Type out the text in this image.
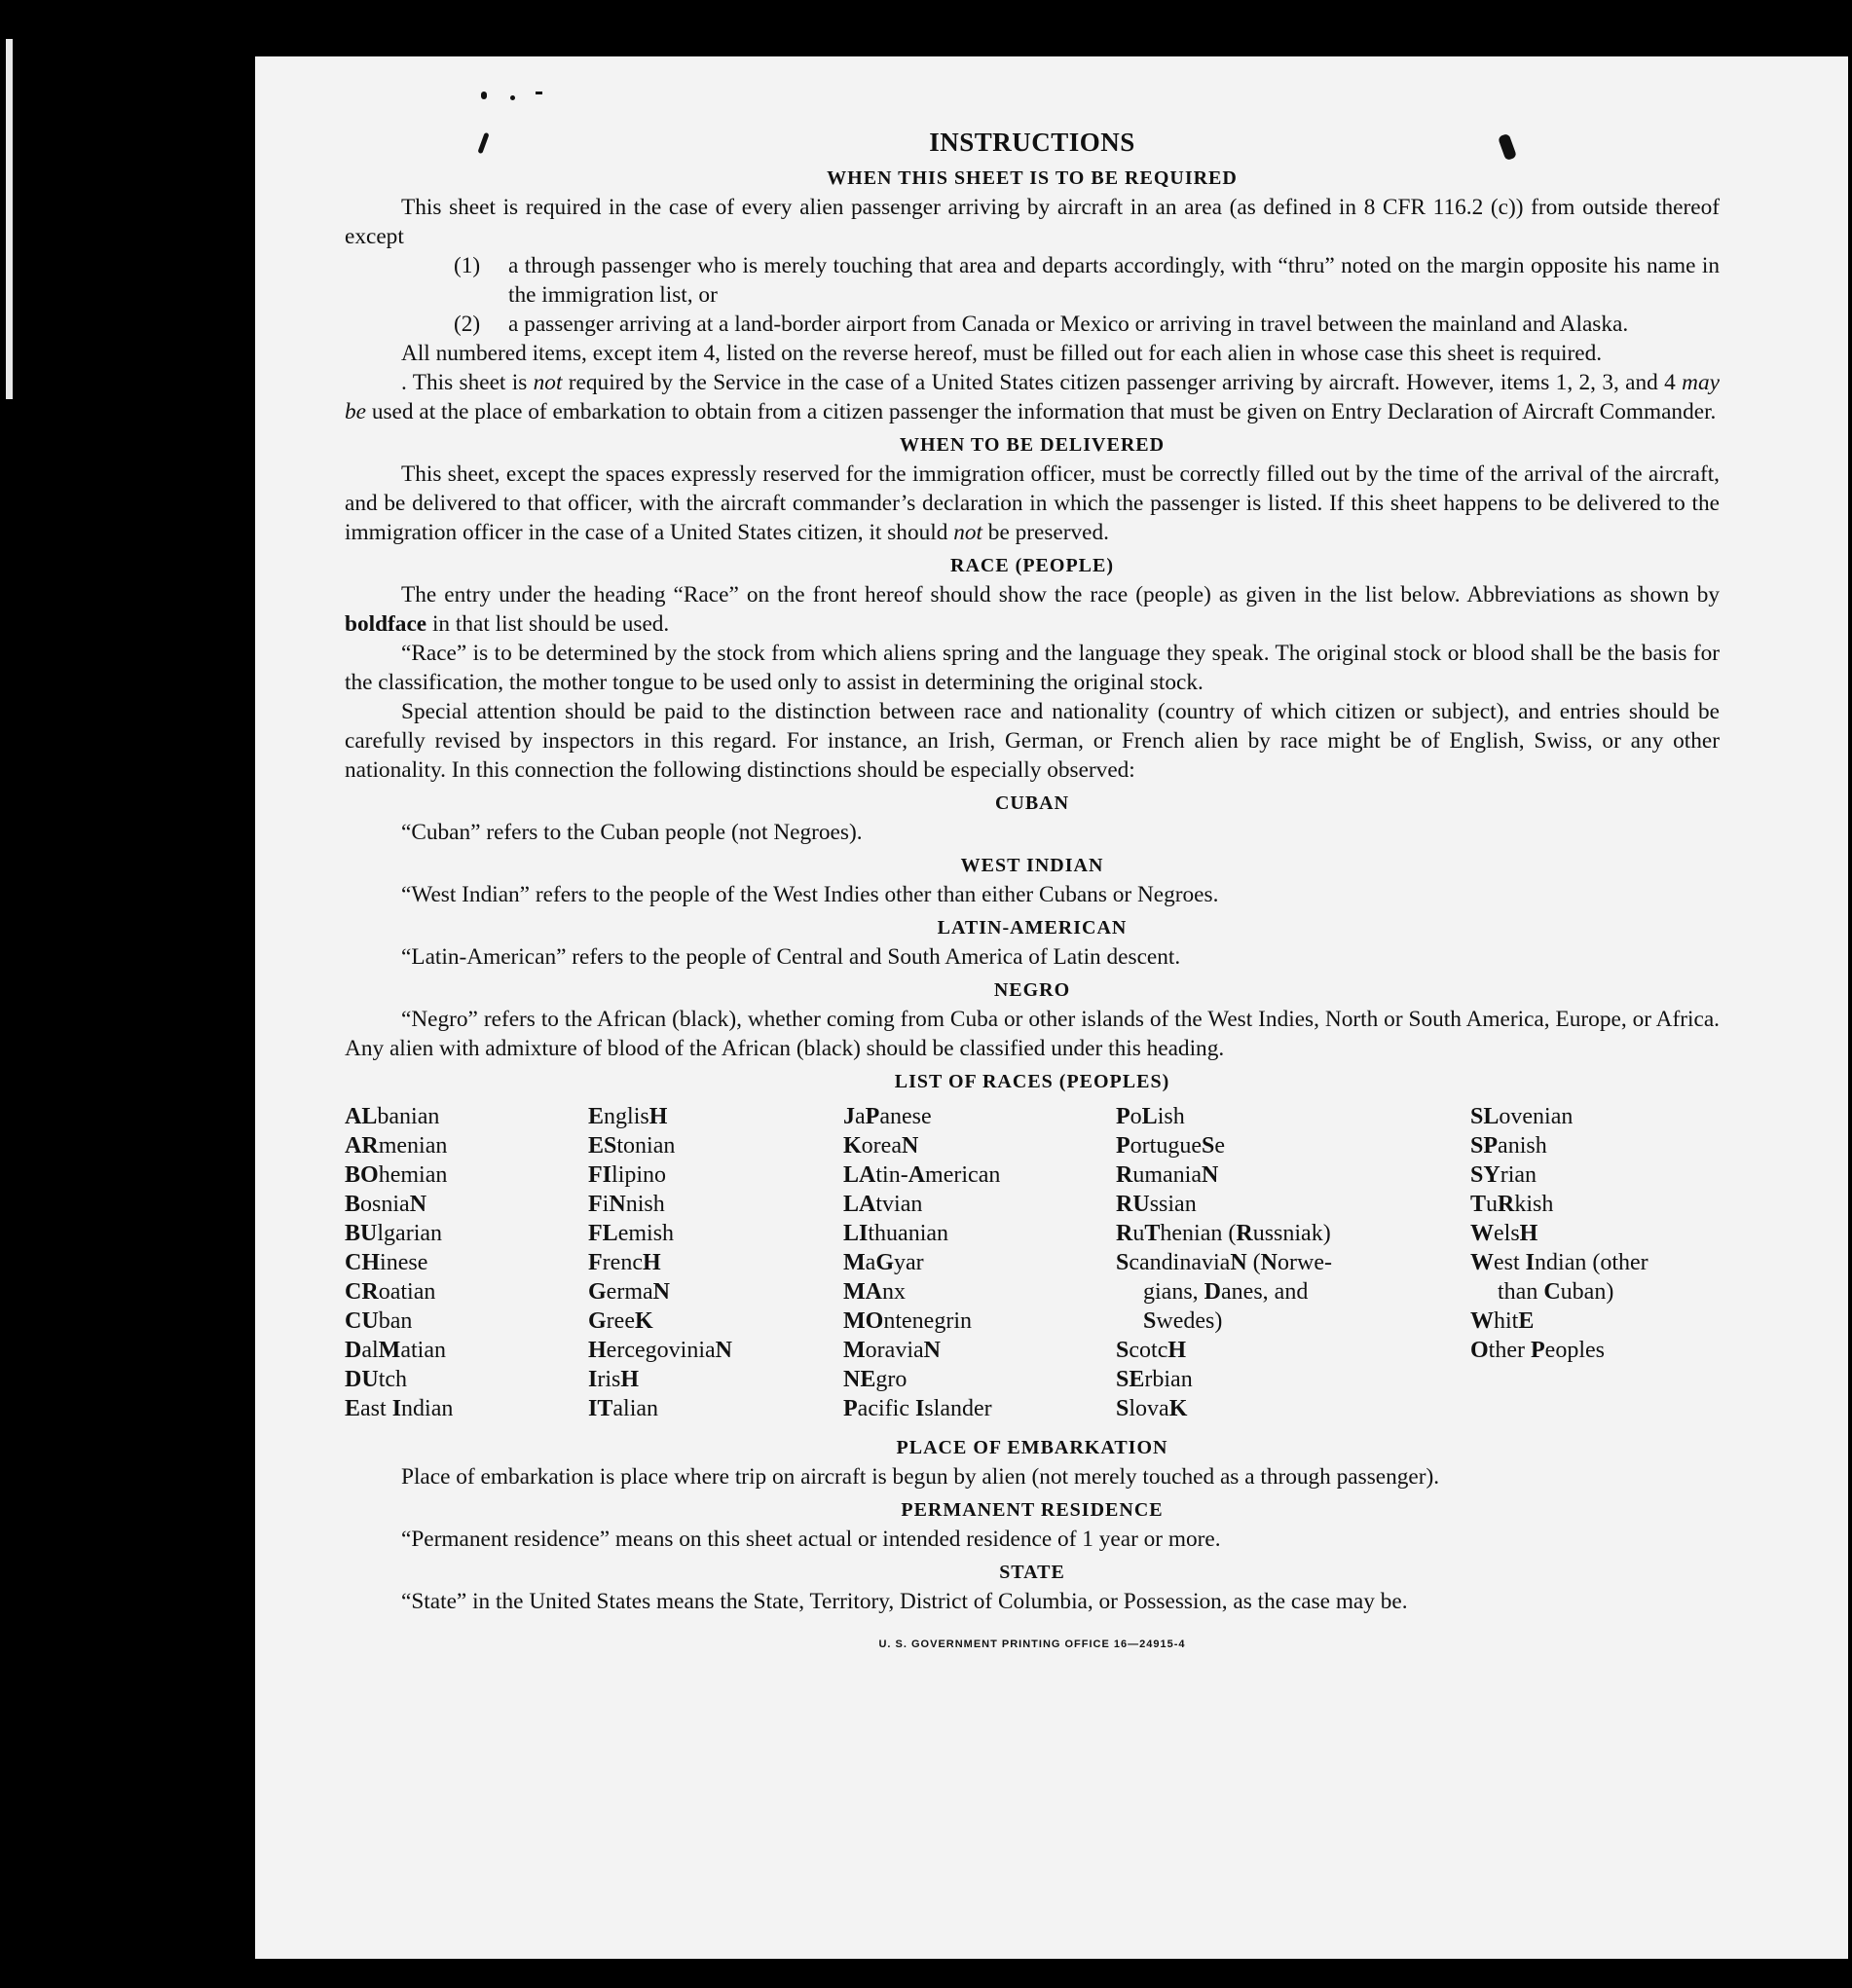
INSTRUCTIONS
WHEN THIS SHEET IS TO BE REQUIRED

This sheet is required in the case of every alien passenger arriving by aircraft in an area (as defined in 8 CFR 116.2 (c)) from outside thereof except

(1) a through passenger who is merely touching that area and departs accordingly, with “thru” noted on the margin opposite his name in the immigration list, or
(2) a passenger arriving at a land-border airport from Canada or Mexico or arriving in travel between the mainland and Alaska.

All numbered items, except item 4, listed on the reverse hereof, must be filled out for each alien in whose case this sheet is required.

. This sheet is not required by the Service in the case of a United States citizen passenger arriving by aircraft. However, items 1, 2, 3, and 4 may be used at the place of embarkation to obtain from a citizen passenger the information that must be given on Entry Declaration of Aircraft Commander.

WHEN TO BE DELIVERED

This sheet, except the spaces expressly reserved for the immigration officer, must be correctly filled out by the time of the arrival of the aircraft, and be delivered to that officer, with the aircraft commander’s declaration in which the passenger is listed. If this sheet happens to be delivered to the immigration officer in the case of a United States citizen, it should not be preserved.

RACE (PEOPLE)

The entry under the heading “Race” on the front hereof should show the race (people) as given in the list below. Abbreviations as shown by boldface in that list should be used.

“Race” is to be determined by the stock from which aliens spring and the language they speak. The original stock or blood shall be the basis for the classification, the mother tongue to be used only to assist in determining the original stock.

Special attention should be paid to the distinction between race and nationality (country of which citizen or subject), and entries should be carefully revised by inspectors in this regard. For instance, an Irish, German, or French alien by race might be of English, Swiss, or any other nationality. In this connection the following distinctions should be especially observed:

CUBAN

“Cuban” refers to the Cuban people (not Negroes).

WEST INDIAN

“West Indian” refers to the people of the West Indies other than either Cubans or Negroes.

LATIN-AMERICAN

“Latin-American” refers to the people of Central and South America of Latin descent.

NEGRO

“Negro” refers to the African (black), whether coming from Cuba or other islands of the West Indies, North or South America, Europe, or Africa. Any alien with admixture of blood of the African (black) should be classified under this heading.

LIST OF RACES (PEOPLES)
ALbanian
ARmenian
BOhemian
BosniaN
BUlgarian
CHinese
CRoatian
CUban
DalMatian
DUtch
East Indian
EnglisH
EStonian
FIlipino
FiNnish
FLemish
FrencH
GermaN
GreeK
HercegoviniaN
IrisH
ITalian
JaPanese
KoreaN
LAtin-American
LAtvian
LIthuanian
MaGyar
MAnx
MOntenegrin
MoraviaN
NEgro
Pacific Islander
PoLish
PortugueSe
RumaniaN
RUssian
RuThenian (Russniak)
ScandinaviaN (Norwe-
gians, Danes, and
Swedes)
ScotcH
SErbian
SlovaK
SLovenian
SPanish
SYrian
TuRkish
WelsH
West Indian (other
than Cuban)
WhitE
Other Peoples
PLACE OF EMBARKATION

Place of embarkation is place where trip on aircraft is begun by alien (not merely touched as a through passenger).

PERMANENT RESIDENCE

“Permanent residence” means on this sheet actual or intended residence of 1 year or more.

STATE

“State” in the United States means the State, Territory, District of Columbia, or Possession, as the case may be.

U. S. GOVERNMENT PRINTING OFFICE 16—24915-4
